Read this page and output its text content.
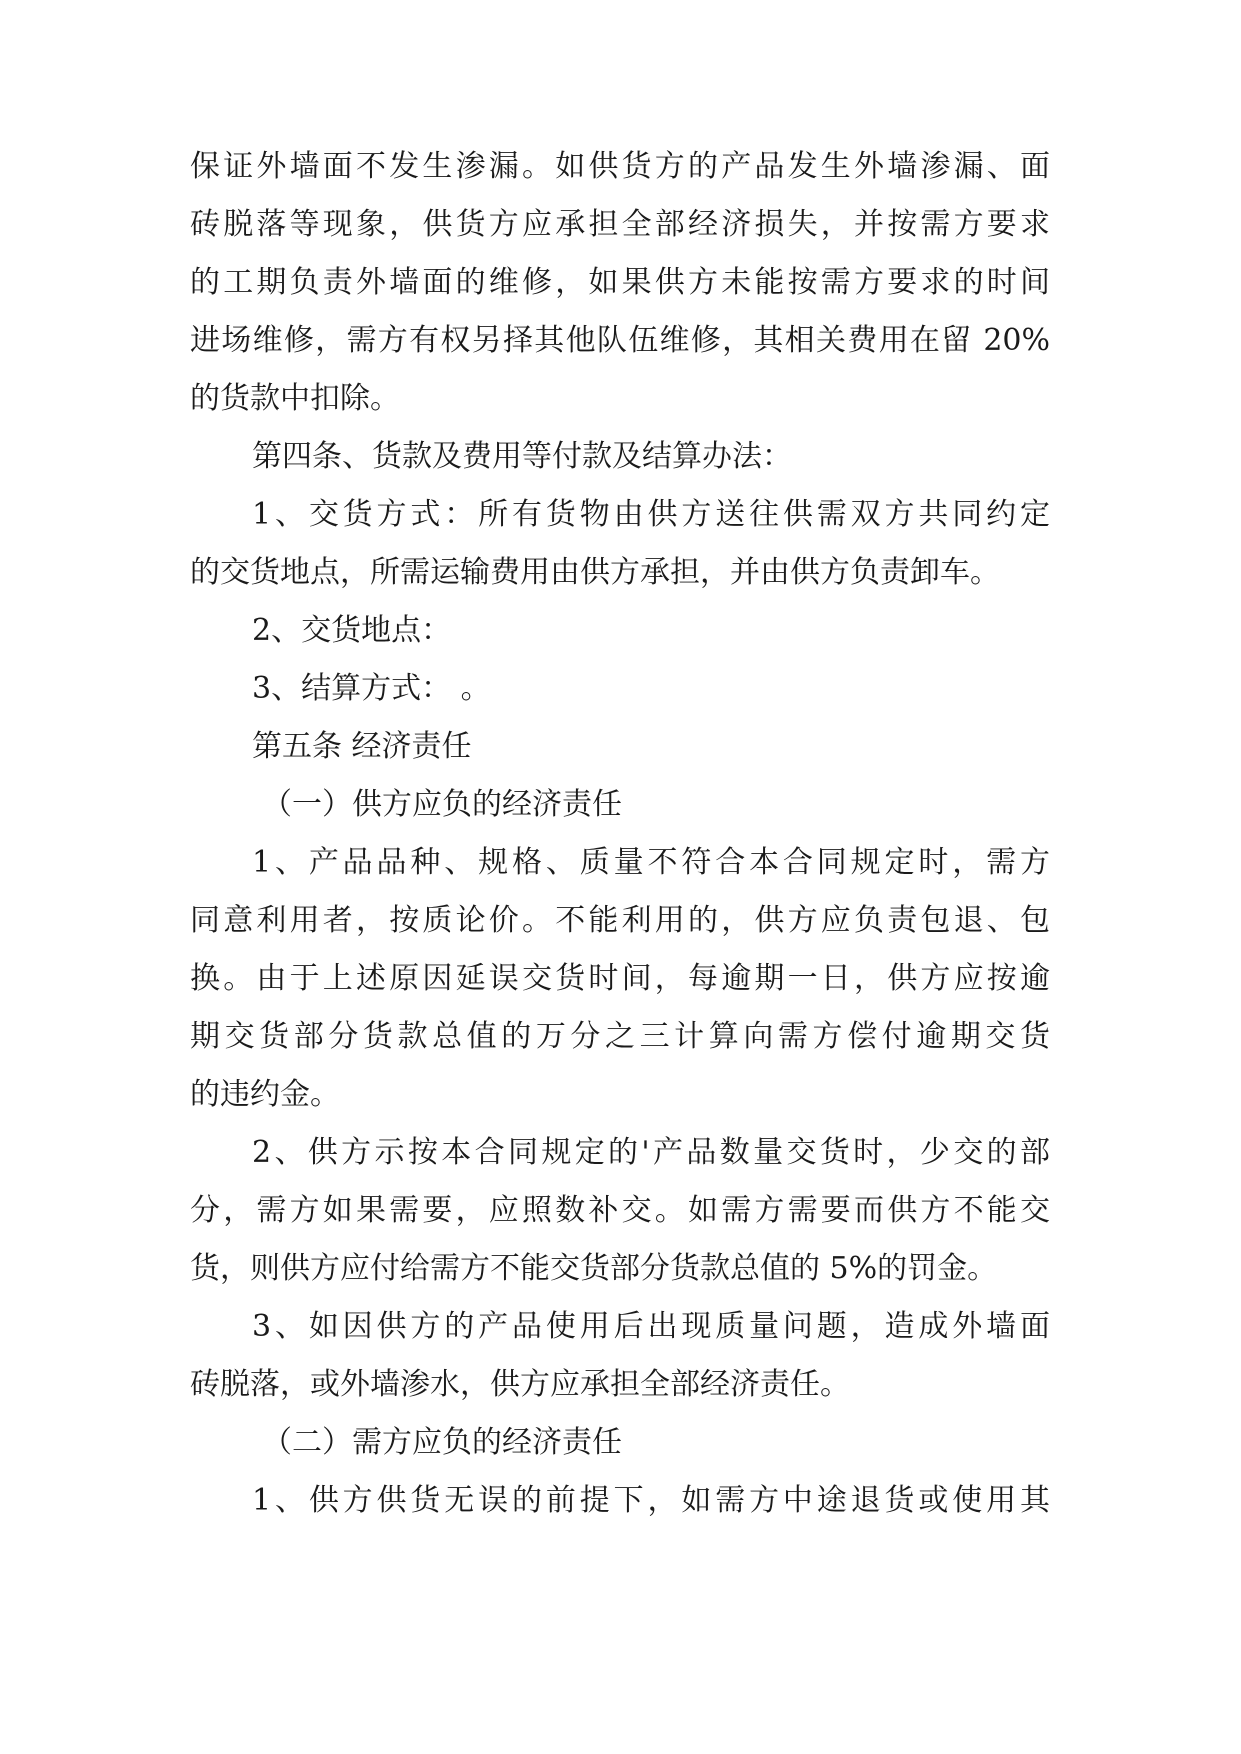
保证外墙面不发生渗漏。如供货方的产品发生外墙渗漏、面
砖脱落等现象，供货方应承担全部经济损失，并按需方要求
的工期负责外墙面的维修，如果供方未能按需方要求的时间
进场维修，需方有权另择其他队伍维修，其相关费用在留 20%
的货款中扣除。
第四条、货款及费用等付款及结算办法：
1、交货方式：所有货物由供方送往供需双方共同约定
的交货地点，所需运输费用由供方承担，并由供方负责卸车。
2、交货地点：
3、结算方式： 。
第五条 经济责任
（一）供方应负的经济责任
1、产品品种、规格、质量不符合本合同规定时，需方
同意利用者，按质论价。不能利用的，供方应负责包退、包
换。由于上述原因延误交货时间，每逾期一日，供方应按逾
期交货部分货款总值的万分之三计算向需方偿付逾期交货
的违约金。
2、供方示按本合同规定的'产品数量交货时，少交的部
分，需方如果需要，应照数补交。如需方需要而供方不能交
货，则供方应付给需方不能交货部分货款总值的 5%的罚金。
3、如因供方的产品使用后出现质量问题，造成外墙面
砖脱落，或外墙渗水，供方应承担全部经济责任。
（二）需方应负的经济责任
1、供方供货无误的前提下，如需方中途退货或使用其
